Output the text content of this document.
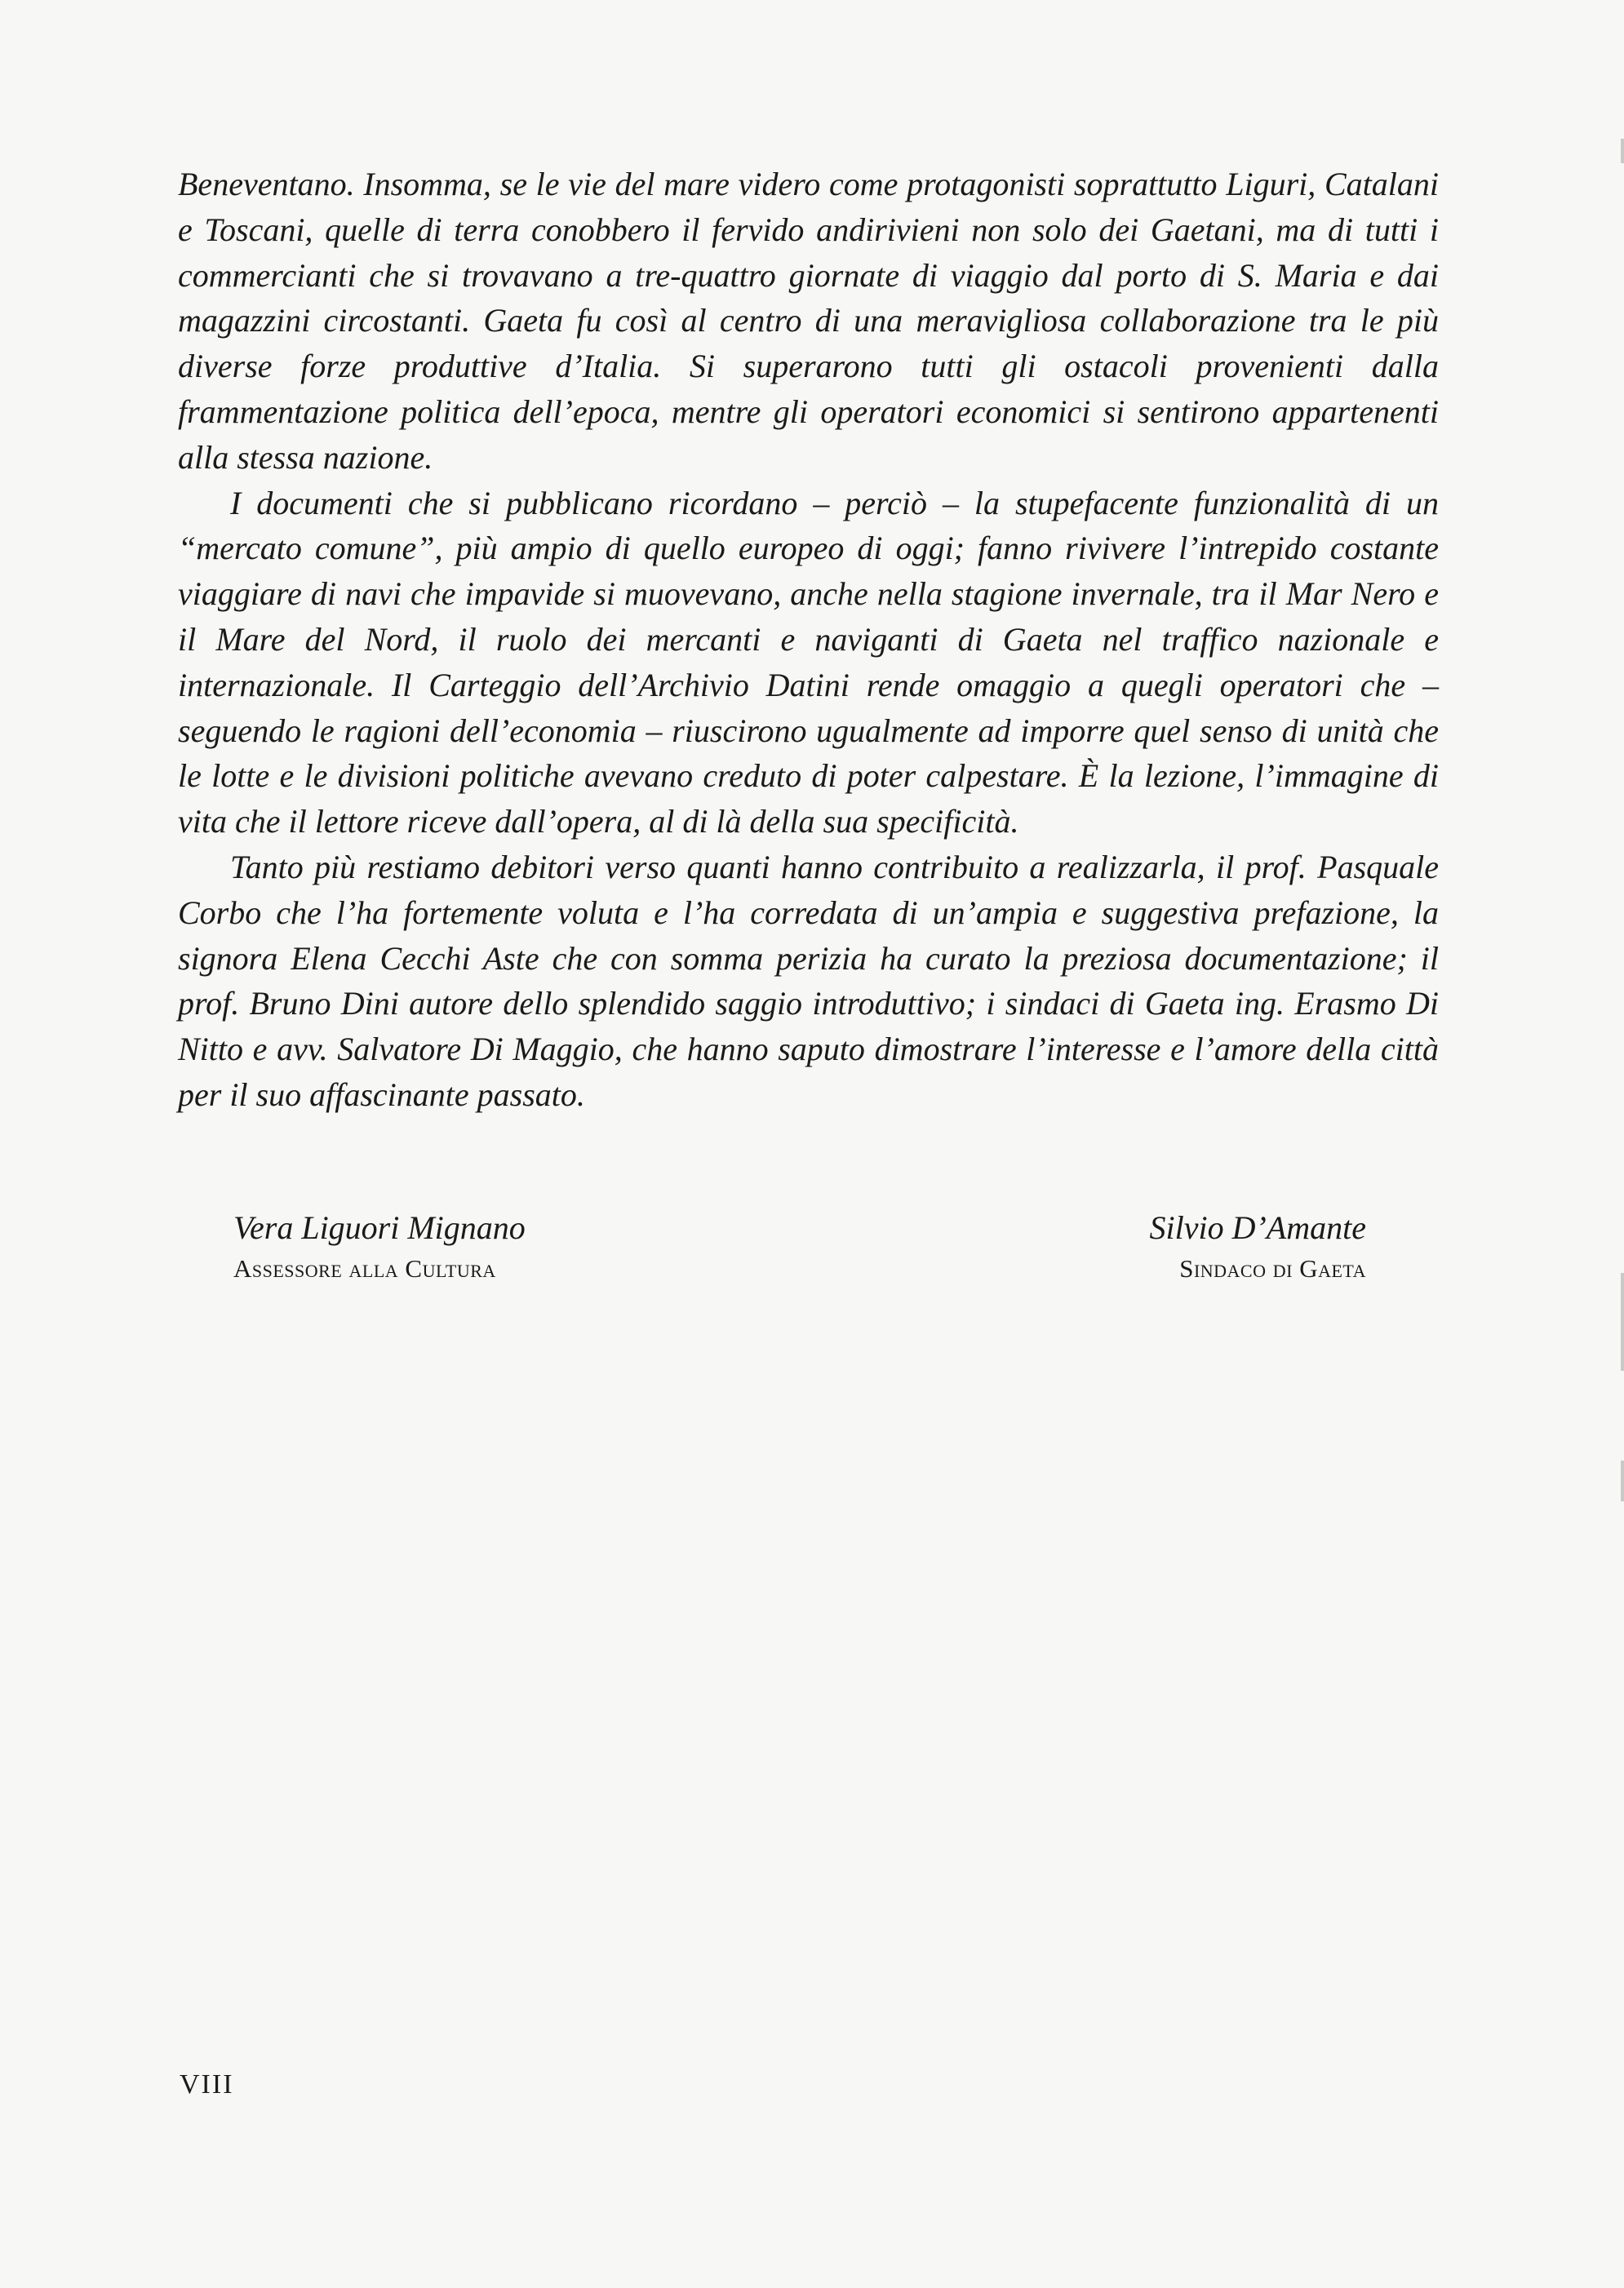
Beneventano. Insomma, se le vie del mare videro come protagonisti soprattutto Liguri, Catalani e Toscani, quelle di terra conobbero il fervido andirivieni non solo dei Gaetani, ma di tutti i commercianti che si trovavano a tre-quattro giornate di viaggio dal porto di S. Maria e dai magazzini circostanti. Gaeta fu così al centro di una meravigliosa collaborazione tra le più diverse forze produttive d’Italia. Si superarono tutti gli ostacoli provenienti dalla frammentazione politica dell’epoca, mentre gli operatori economici si sentirono appartenenti alla stessa nazione.

I documenti che si pubblicano ricordano – perciò – la stupefacente funzionalità di un “mercato comune”, più ampio di quello europeo di oggi; fanno rivivere l’intrepido costante viaggiare di navi che impavide si muovevano, anche nella stagione invernale, tra il Mar Nero e il Mare del Nord, il ruolo dei mercanti e naviganti di Gaeta nel traffico nazionale e internazionale. Il Carteggio dell’Archivio Datini rende omaggio a quegli operatori che – seguendo le ragioni dell’economia – riuscirono ugualmente ad imporre quel senso di unità che le lotte e le divisioni politiche avevano creduto di poter calpestare. È la lezione, l’immagine di vita che il lettore riceve dall’opera, al di là della sua specificità.

Tanto più restiamo debitori verso quanti hanno contribuito a realizzarla, il prof. Pasquale Corbo che l’ha fortemente voluta e l’ha corredata di un’ampia e suggestiva prefazione, la signora Elena Cecchi Aste che con somma perizia ha curato la preziosa documentazione; il prof. Bruno Dini autore dello splendido saggio introduttivo; i sindaci di Gaeta ing. Erasmo Di Nitto e avv. Salvatore Di Maggio, che hanno saputo dimostrare l’interesse e l’amore della città per il suo affascinante passato.

Vera Liguori Mignano
Assessore alla Cultura
Silvio D’Amante
Sindaco di Gaeta
VIII
